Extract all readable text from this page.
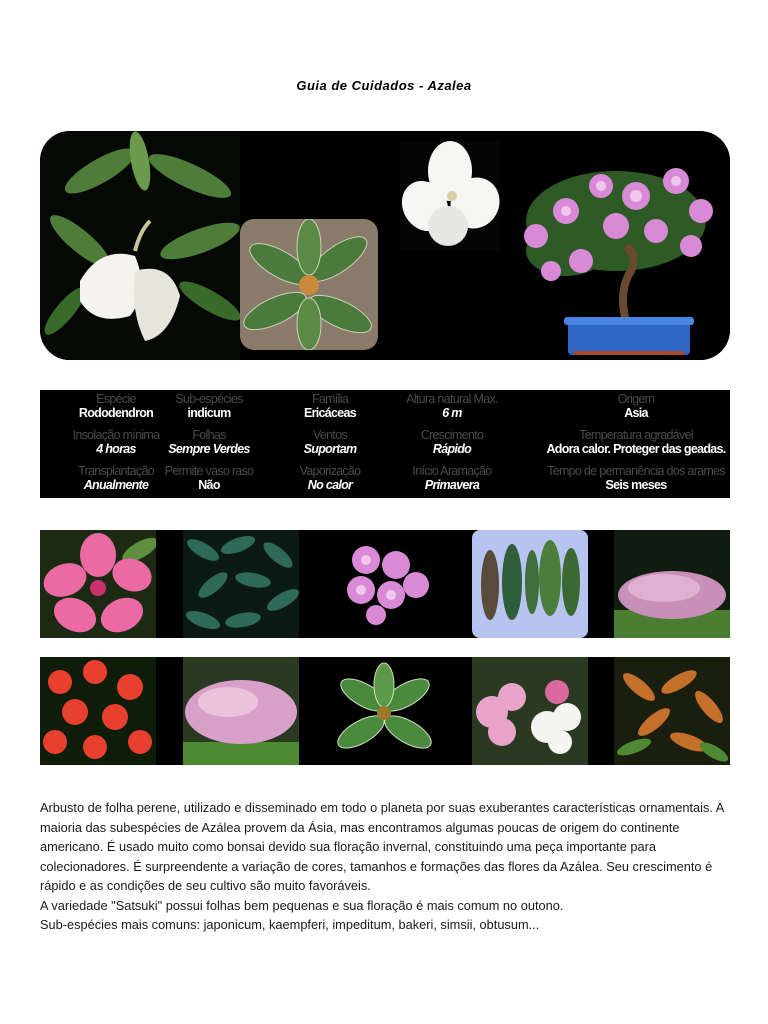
Guia de Cuidados - Azalea
Espécie
Rododendron
Sub-espécies
indicum
Família
Ericáceas
Altura natural Max.
6 m
Origem
Asia
Insolação mínima
4 horas
Folhas
Sempre Verdes
Ventos
Suportam
Crescimento
Rápido
Temperatura agradável
Adora calor. Proteger das geadas.
Transplantação
Anualmente
Permite vaso raso
Não
Vaporização
No calor
Início Aramação
Primavera
Tempo de permanência dos arames
Seis meses

Arbusto de folha perene, utilizado e disseminado em todo o planeta por suas exuberantes características ornamentais. A maioria das subespécies de Azálea provem da Ásia, mas encontramos algumas poucas de origem do continente americano. É usado muito como bonsai devido sua floração invernal, constituindo uma peça importante para colecionadores. É surpreendente a variação de cores, tamanhos e formações das flores da Azálea. Seu crescimento é rápido e as condições de seu cultivo são muito favoráveis.

A variedade "Satsuki" possui folhas bem pequenas e sua floração é mais comum no outono.

Sub-espécies mais comuns: japonicum, kaempferi, impeditum, bakeri, simsii, obtusum...
